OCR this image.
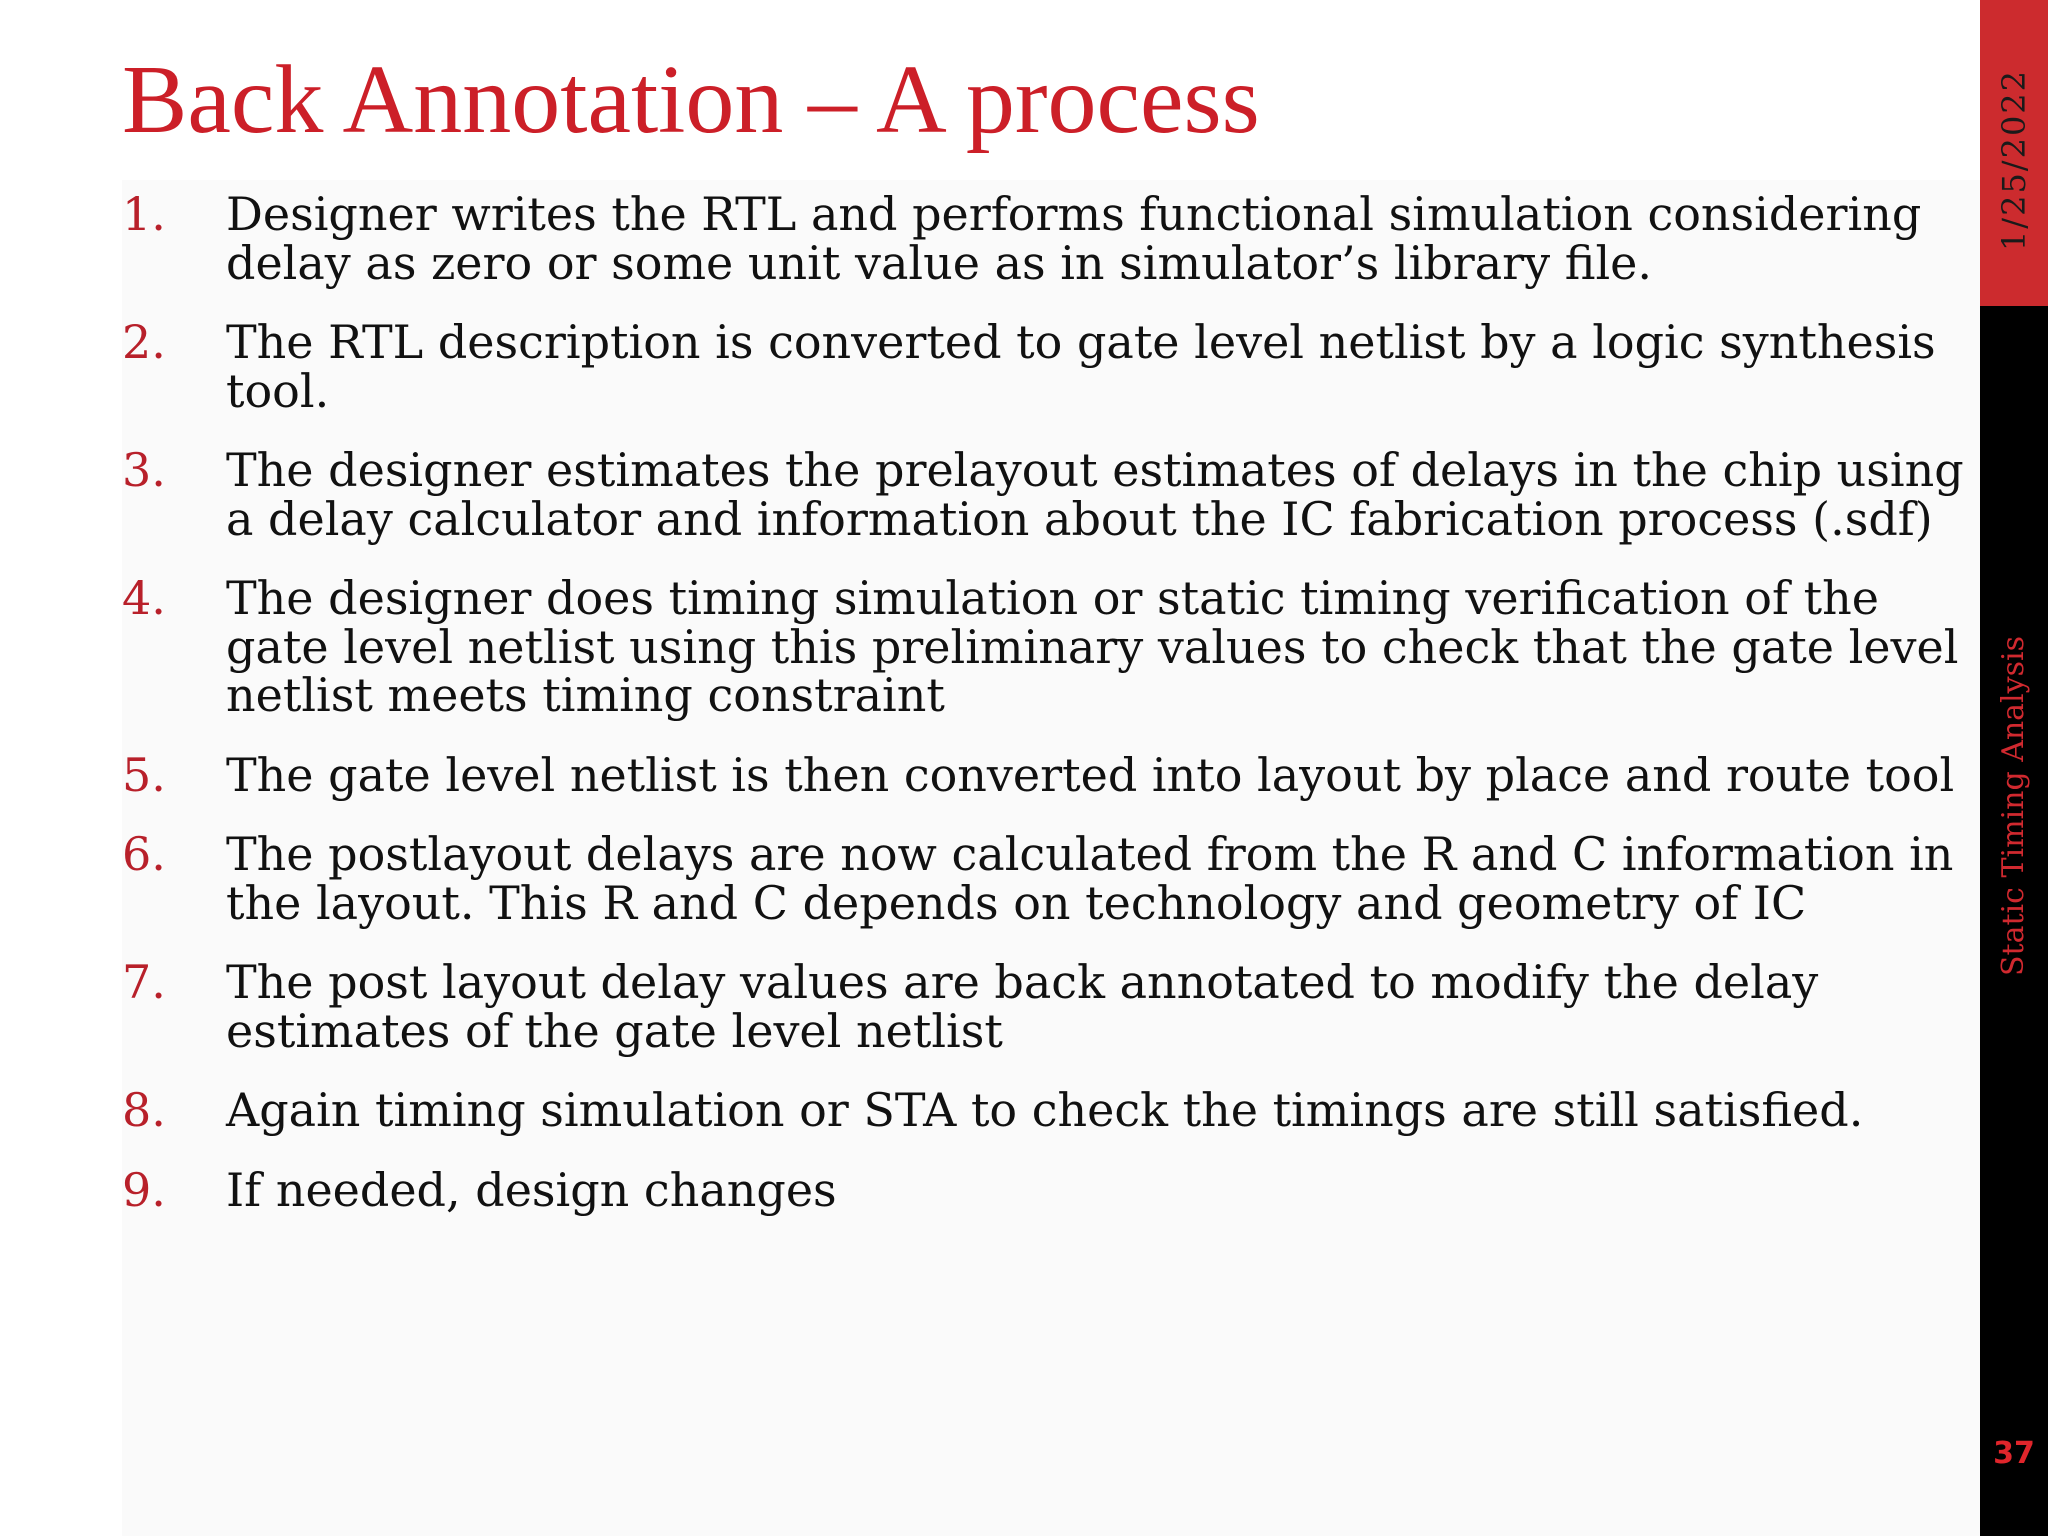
Back Annotation – A process
1. Designer writes the RTL and performs functional simulation considering delay as zero or some unit value as in simulator’s library file.
2. The RTL description is converted to gate level netlist by a logic synthesis tool.
3. The designer estimates the prelayout estimates of delays in the chip using a delay calculator and information about the IC fabrication process (.sdf)
4. The designer does timing simulation or static timing verification of the gate level netlist using this preliminary values to check that the gate level netlist meets timing constraint
5. The gate level netlist is then converted into layout by place and route tool
6. The postlayout delays are now calculated from the R and C information in the layout. This R and C depends on technology and geometry of IC
7. The post layout delay values are back annotated to modify the delay estimates of the gate level netlist
8. Again timing simulation or STA to check the timings are still satisfied.
9. If needed, design changes
1/25/2022
Static Timing Analysis
37
